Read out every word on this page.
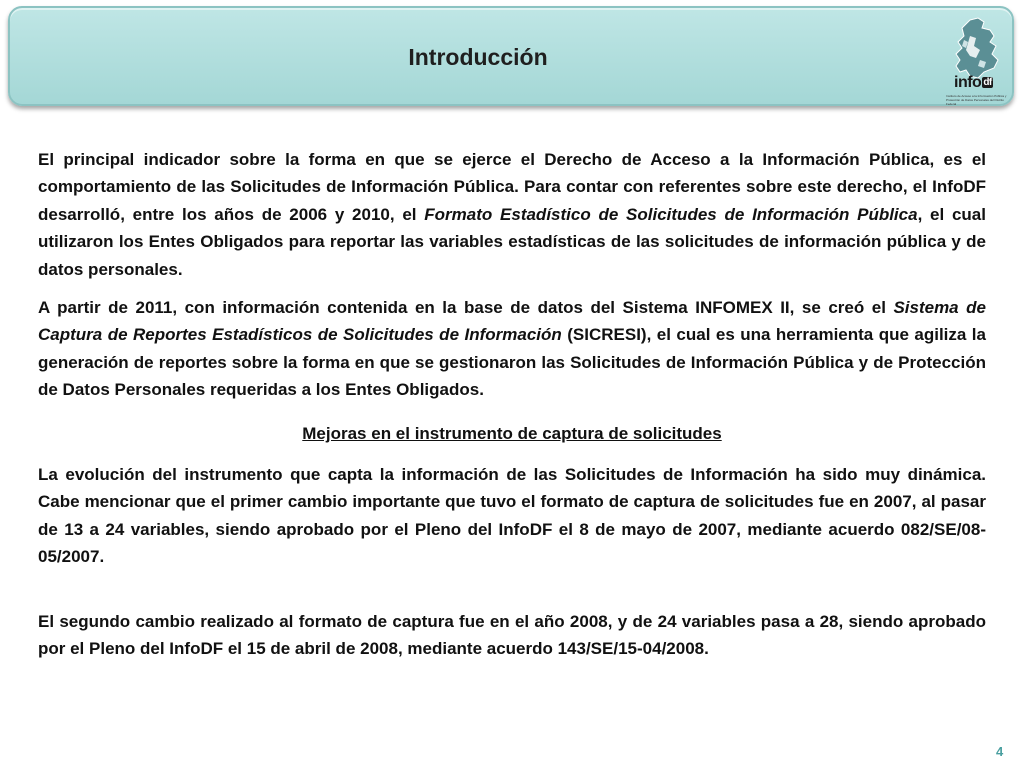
Introducción
info df
Instituto de Acceso a la Información Pública y Protección de Datos Personales del Distrito Federal

El principal indicador sobre la forma en que se ejerce el Derecho de Acceso a la Información Pública, es el comportamiento de las Solicitudes de Información Pública. Para contar con referentes sobre este derecho, el InfoDF desarrolló, entre los años de 2006 y 2010, el Formato Estadístico de Solicitudes de Información Pública, el cual utilizaron los Entes Obligados para reportar las variables estadísticas de las solicitudes de información pública y de datos personales.

A partir de 2011, con información contenida en la base de datos del Sistema INFOMEX II, se creó el Sistema de Captura de Reportes Estadísticos de Solicitudes de Información (SICRESI), el cual es una herramienta que agiliza la generación de reportes sobre la forma en que se gestionaron las Solicitudes de Información Pública y de Protección de Datos Personales requeridas a los Entes Obligados.

Mejoras en el instrumento de captura de solicitudes

La evolución del instrumento que capta la información de las Solicitudes de Información ha sido muy dinámica. Cabe mencionar que el primer cambio importante que tuvo el formato de captura de solicitudes fue en 2007, al pasar de 13 a 24 variables, siendo aprobado por el Pleno del InfoDF el 8 de mayo de 2007, mediante acuerdo 082/SE/08-05/2007.

El segundo cambio realizado al formato de captura fue en el año 2008, y de 24 variables pasa a 28, siendo aprobado por el Pleno del InfoDF el 15 de abril de 2008, mediante acuerdo 143/SE/15-04/2008.

4
